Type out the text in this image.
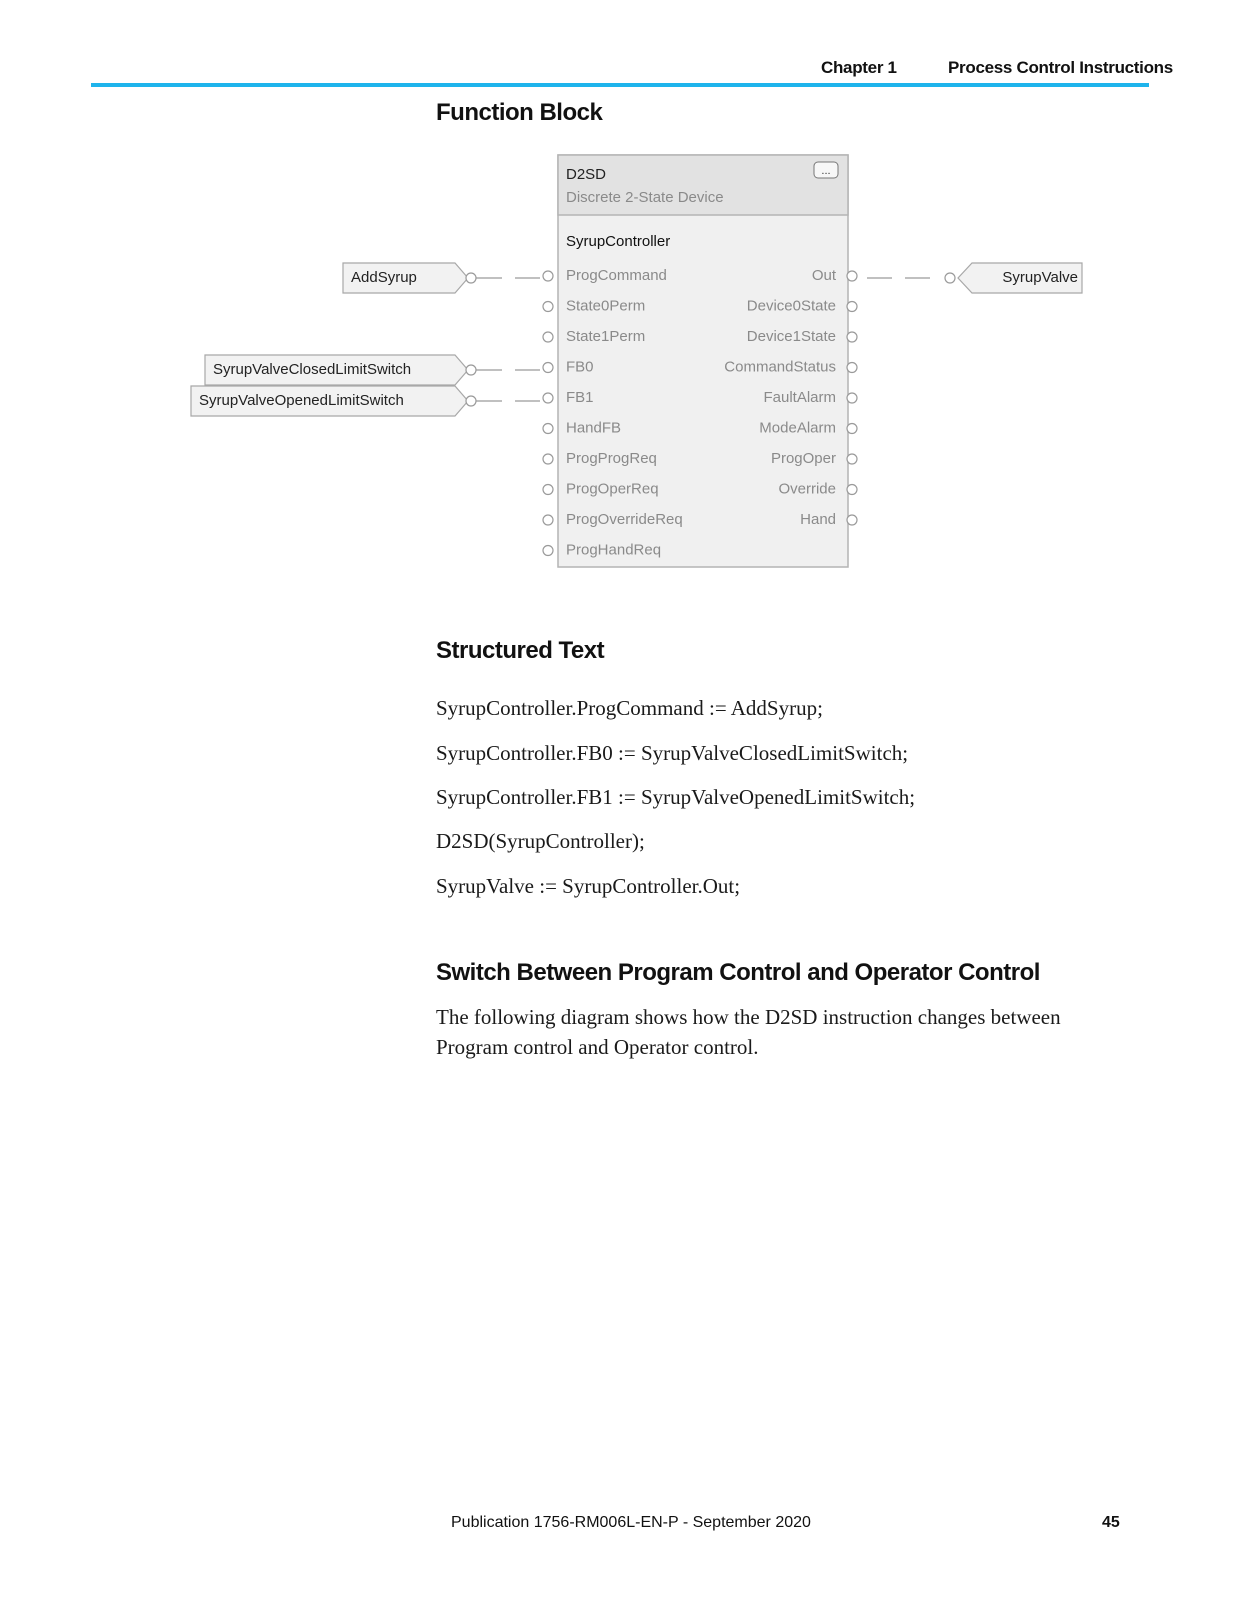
Chapter 1	Process Control Instructions
Function Block
D2SD
Discrete 2-State Device
...
SyrupController
ProgCommand
State0Perm
State1Perm
FB0
FB1
HandFB
ProgProgReq
ProgOperReq
ProgOverrideReq
ProgHandReq
Out
Device0State
Device1State
CommandStatus
FaultAlarm
ModeAlarm
ProgOper
Override
Hand
AddSyrup
SyrupValveClosedLimitSwitch
SyrupValveOpenedLimitSwitch
SyrupValve
Structured Text

SyrupController.ProgCommand := AddSyrup;

SyrupController.FB0 := SyrupValveClosedLimitSwitch;

SyrupController.FB1 := SyrupValveOpenedLimitSwitch;

D2SD(SyrupController);

SyrupValve := SyrupController.Out;

Switch Between Program Control and Operator Control

The following diagram shows how the D2SD instruction changes between Program control and Operator control.

Publication 1756-RM006L-EN-P - September 2020	45
